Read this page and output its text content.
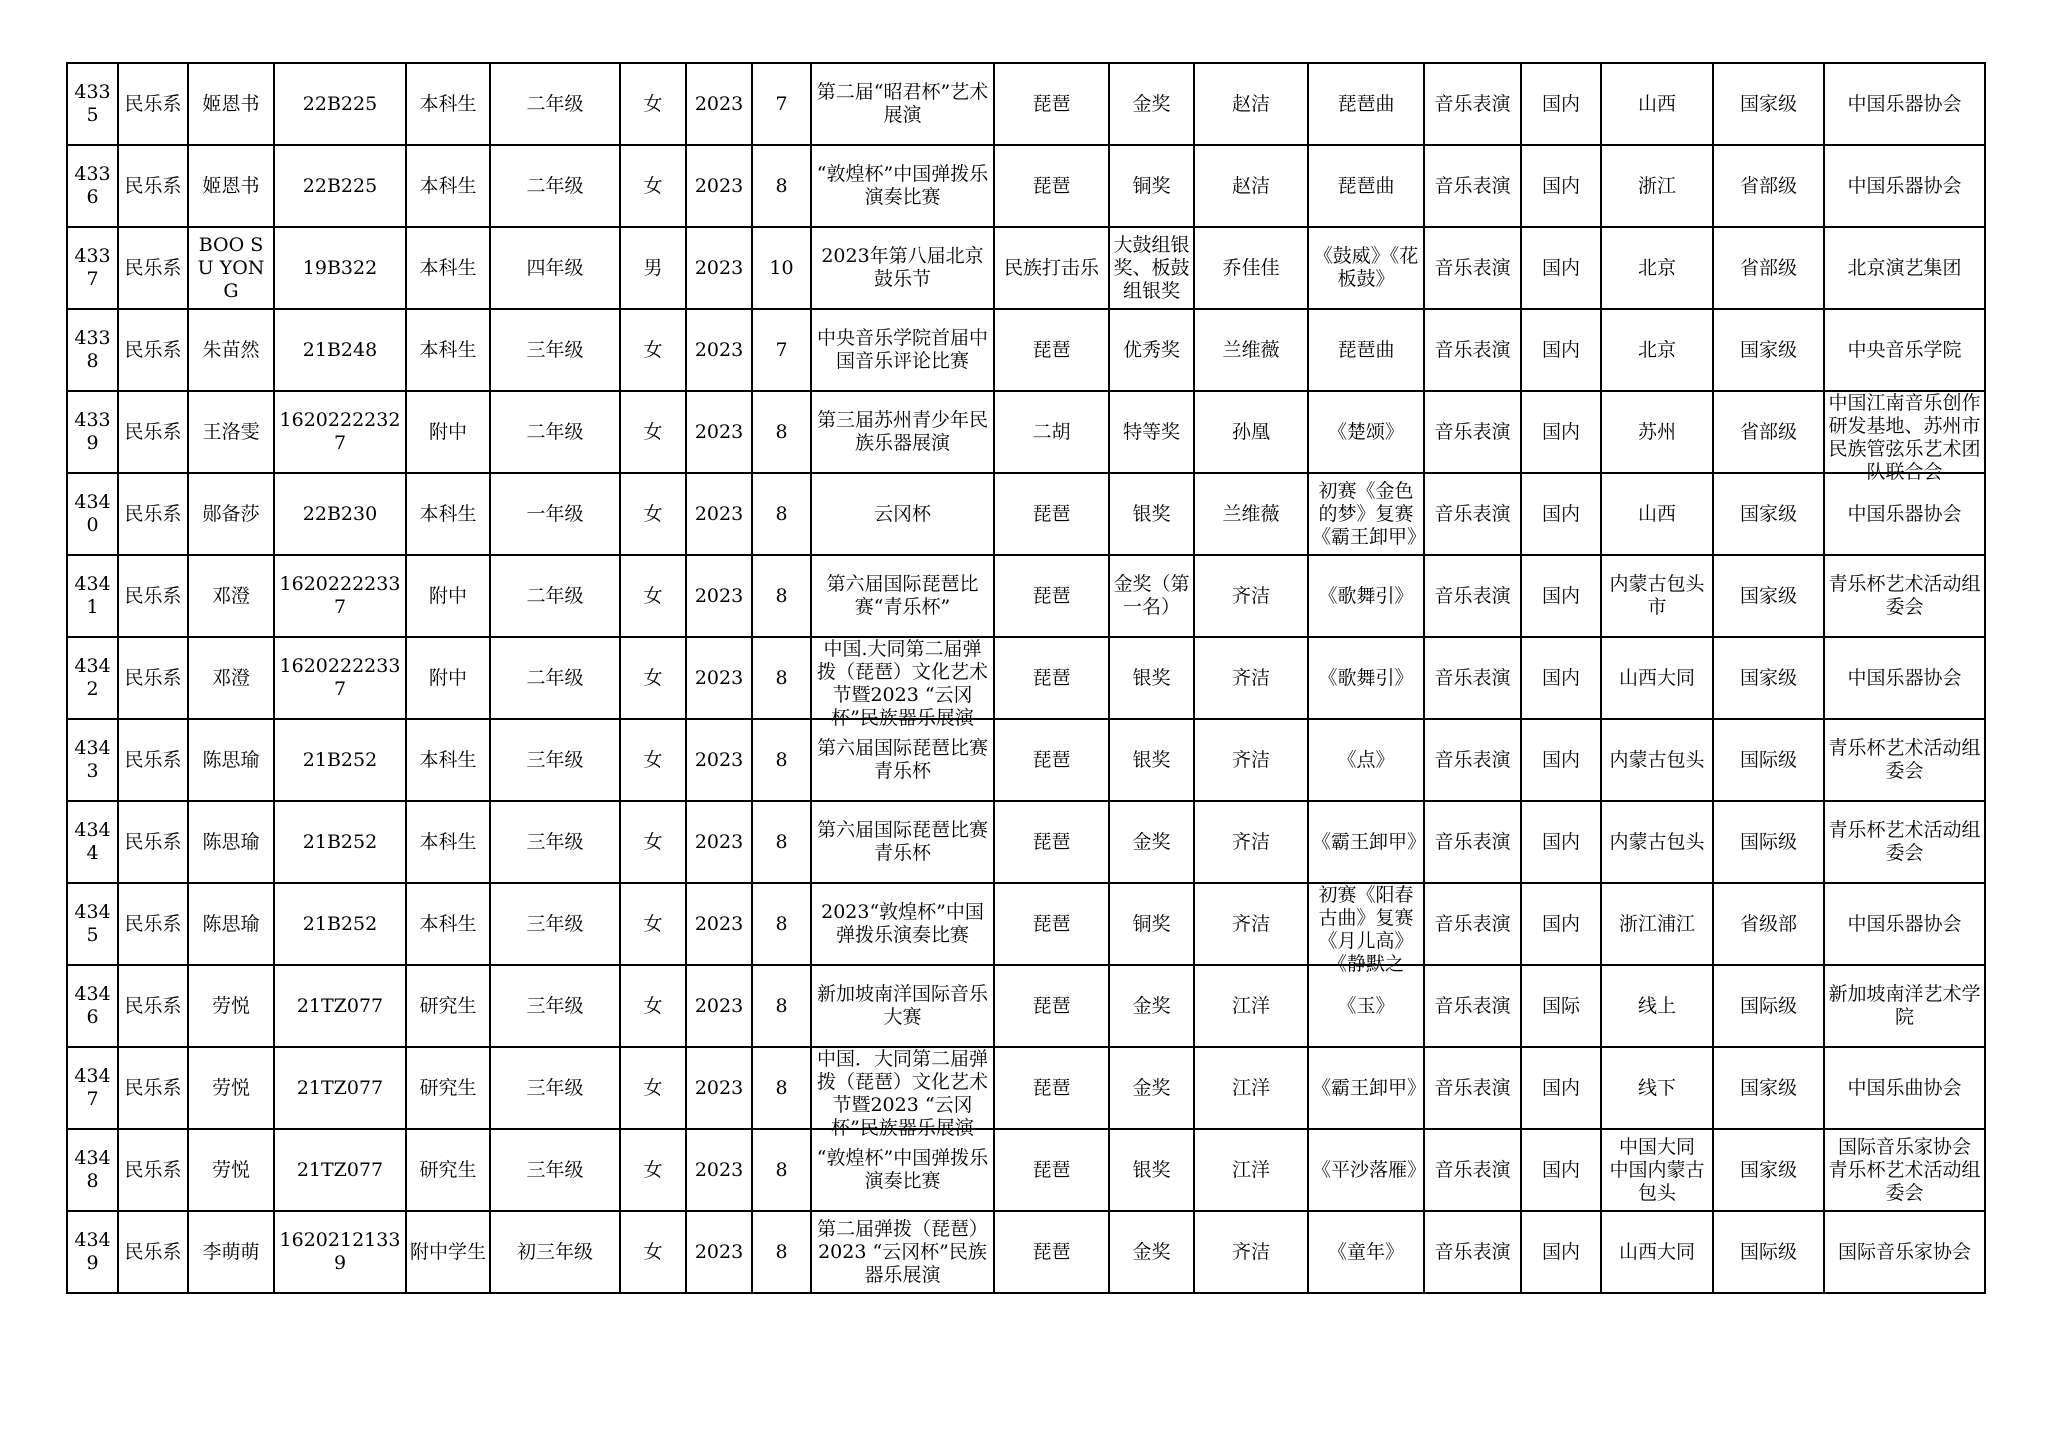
4335	民乐系	姬恩书	22B225	本科生	二年级	女	2023	7	第二届“昭君杯”艺术展演	琵琶	金奖	赵洁	琵琶曲	音乐表演	国内	山西	国家级	中国乐器协会

4336	民乐系	姬恩书	22B225	本科生	二年级	女	2023	8	“敦煌杯”中国弹拨乐演奏比赛	琵琶	铜奖	赵洁	琵琶曲	音乐表演	国内	浙江	省部级	中国乐器协会

4337	民乐系	BOO SU YONG	19B322	本科生	四年级	男	2023	10	2023年第八届北京鼓乐节	民族打击乐	大鼓组银奖、板鼓组银奖	乔佳佳	《鼓威》《花板鼓》	音乐表演	国内	北京	省部级	北京演艺集团

4338	民乐系	朱苗然	21B248	本科生	三年级	女	2023	7	中央音乐学院首届中国音乐评论比赛	琵琶	优秀奖	兰维薇	琵琶曲	音乐表演	国内	北京	国家级	中央音乐学院

4339	民乐系	王洛雯	16202222327	附中	二年级	女	2023	8	第三届苏州青少年民族乐器展演	二胡	特等奖	孙凰	《楚颂》	音乐表演	国内	苏州	省部级	中国江南音乐创作研发基地、苏州市民族管弦乐艺术团队联合会

4340	民乐系	郧备莎	22B230	本科生	一年级	女	2023	8	云冈杯	琵琶	银奖	兰维薇	初赛《金色的梦》复赛《霸王卸甲》	音乐表演	国内	山西	国家级	中国乐器协会

4341	民乐系	邓澄	16202222337	附中	二年级	女	2023	8	第六届国际琵琶比赛“青乐杯”	琵琶	金奖（第一名）	齐洁	《歌舞引》	音乐表演	国内	内蒙古包头市	国家级	青乐杯艺术活动组委会

4342	民乐系	邓澄	16202222337	附中	二年级	女	2023	8	中国.大同第二届弹拨（琵琶）文化艺术节暨2023 “云冈杯”民族器乐展演	琵琶	银奖	齐洁	《歌舞引》	音乐表演	国内	山西大同	国家级	中国乐器协会

4343	民乐系	陈思瑜	21B252	本科生	三年级	女	2023	8	第六届国际琵琶比赛青乐杯	琵琶	银奖	齐洁	《点》	音乐表演	国内	内蒙古包头	国际级	青乐杯艺术活动组委会

4344	民乐系	陈思瑜	21B252	本科生	三年级	女	2023	8	第六届国际琵琶比赛青乐杯	琵琶	金奖	齐洁	《霸王卸甲》	音乐表演	国内	内蒙古包头	国际级	青乐杯艺术活动组委会

4345	民乐系	陈思瑜	21B252	本科生	三年级	女	2023	8	2023“敦煌杯”中国弹拨乐演奏比赛	琵琶	铜奖	齐洁	初赛《阳春古曲》复赛《月儿高》《静默之	音乐表演	国内	浙江浦江	省级部	中国乐器协会

4346	民乐系	劳悦	21TZ077	研究生	三年级	女	2023	8	新加坡南洋国际音乐大赛	琵琶	金奖	江洋	《玉》	音乐表演	国际	线上	国际级	新加坡南洋艺术学院

4347	民乐系	劳悦	21TZ077	研究生	三年级	女	2023	8	中国．大同第二届弹拨（琵琶）文化艺术节暨2023 “云冈杯”民族器乐展演	琵琶	金奖	江洋	《霸王卸甲》	音乐表演	国内	线下	国家级	中国乐曲协会

4348	民乐系	劳悦	21TZ077	研究生	三年级	女	2023	8	“敦煌杯”中国弹拨乐演奏比赛	琵琶	银奖	江洋	《平沙落雁》	音乐表演	国内	中国大同　中国内蒙古包头	国家级	国际音乐家协会　　青乐杯艺术活动组委会

4349	民乐系	李萌萌	16202121339	附中学生	初三年级	女	2023	8	第二届弹拨（琵琶）2023 “云冈杯”民族器乐展演	琵琶	金奖	齐洁	《童年》	音乐表演	国内	山西大同	国际级	国际音乐家协会
